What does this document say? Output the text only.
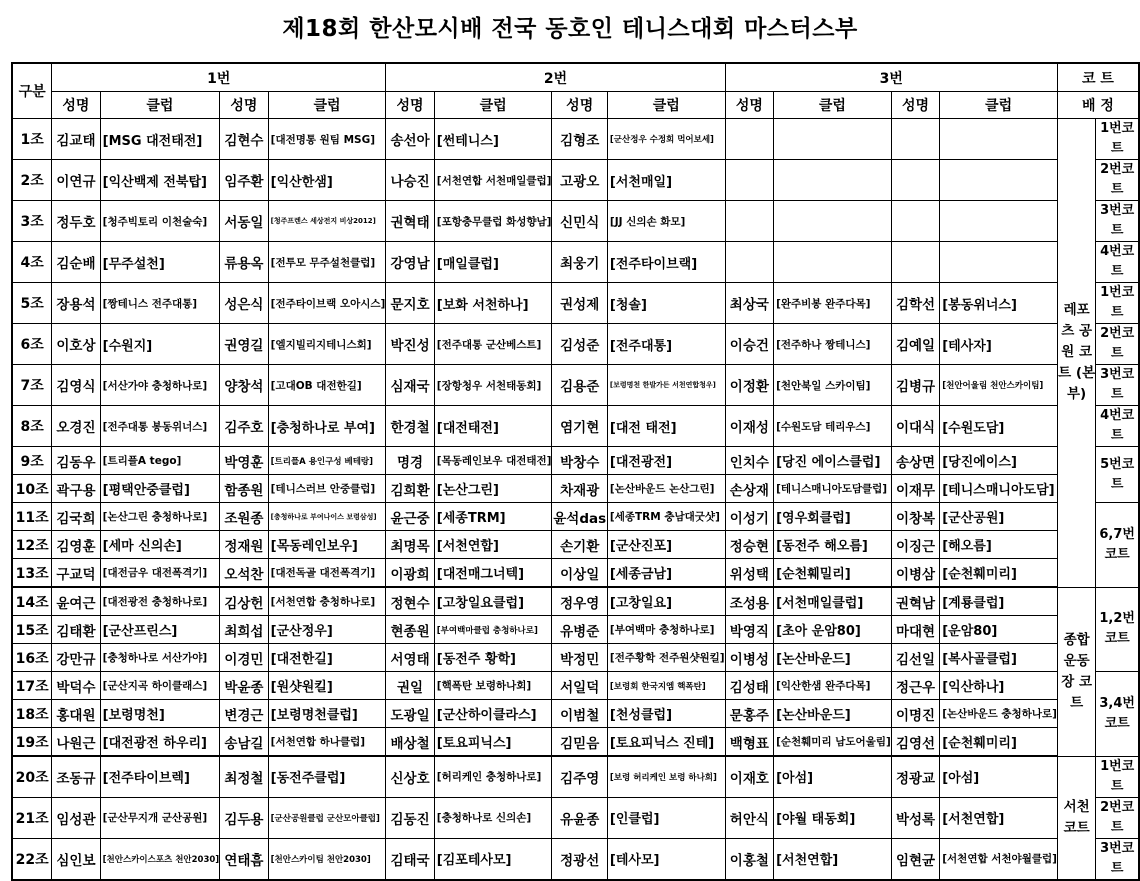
제18회 한산모시배 전국 동호인 테니스대회 마스터스부
구분	1번				2번				3번				코 트	
	성명	클럽	성명	클럽	성명	클럽	성명	클럽	성명	클럽	성명	클럽	배 정	
1조	김교태	[MSG 대전태전]	김현수	[대전명통 원팀 MSG]	송선아	[썬테니스]	김형조	[군산정우 수정회 먹어보세]					레포츠 공원 코트 (본부)	1번코트
2조	이연규	[익산백제 전북탑]	임주환	[익산한샘]	나승진	[서천연합 서천매일클럽]	고광오	[서천매일]						2번코트
3조	정두호	[청주빅토리 이천술숙]	서동일	[청주프렌스 세상전지 비상2012]	권혁태	[포항충무클럽 화성향남]	신민식	[JJ 신의손 화모]						3번코트
4조	김순배	[무주설천]	류용옥	[전투모 무주설천클럽]	강영남	[매일클럽]	최웅기	[전주타이브랙]						4번코트
5조	장용석	[짱테니스 전주대통]	성은식	[전주타이브랙 오아시스]	문지호	[보화 서천하나]	권성제	[청솔]	최상국	[완주비봉 완주다목]	김학선	[봉동위너스]		1번코트
6조	이호상	[수원지]	권영길	[엘지빌리지테니스회]	박진성	[전주대통 군산베스트]	김성준	[전주대통]	이승건	[전주하나 짱테니스]	김예일	[테사자]		2번코트
7조	김영식	[서산가야 충청하나로]	양창석	[고대OB 대전한길]	심재국	[장항청우 서천태동회]	김용준	[보령명천 한발가든 서천연합청우]	이정환	[천안북일 스카이팀]	김병규	[천안어울림 천안스카이팀]		3번코트
8조	오경진	[전주대통 봉동위너스]	김주호	[충청하나로 부여]	한경철	[대전태전]	염기현	[대전 태전]	이재성	[수원도담 테리우스]	이대식	[수원도담]		4번코트
9조	김동우	[트리플A tego]	박영훈	[트리플A 용인구성 베테랑]	명경	[목동레인보우 대전태전]	박창수	[대전광전]	인치수	[당진 에이스클럽]	송상면	[당진에이스]		5번코트
10조	곽구용	[평택안중클럽]	함종원	[테니스러브 안중클럽]	김희환	[논산그린]	차재광	[논산바운드 논산그린]	손상재	[테니스매니아도담클럽]	이재무	[테니스매니아도담]		
11조	김국희	[논산그린 충청하나로]	조원종	[충청하나로 부여나이스 보령삼성]	윤근중	[세종TRM]	윤석das	[세종TRM 충남대굿샷]	이성기	[영우회클럽]	이창복	[군산공원]		6,7번 코트
12조	김영훈	[세마 신의손]	정재원	[목동레인보우]	최명목	[서천연합]	손기환	[군산진포]	정승현	[동전주 해오름]	이징근	[해오름]		
13조	구교덕	[대전금우 대전폭격기]	오석찬	[대전독골 대전폭격기]	이광희	[대전매그너텍]	이상일	[세종금남]	위성택	[순천훼밀리]	이병삼	[순천훼미리]		
14조	윤여근	[대전광전 충청하나로]	김상헌	[서천연합 충청하나로]	정현수	[고창일요클럽]	정우영	[고창일요]	조성용	[서천매일클럽]	권혁남	[계룡클럽]	종합 운동장 코트	1,2번 코트
15조	김태환	[군산프린스]	최희섭	[군산정우]	현종원	[부여백마클럽 충청하나로]	유병준	[부여백마 충청하나로]	박영직	[초아 운암80]	마대현	[운암80]		
16조	강만규	[충청하나로 서산가야]	이경민	[대전한길]	서영태	[동전주 황학]	박정민	[전주황학 전주원샷원킬]	이병성	[논산바운드]	김선일	[복사골클럽]		
17조	박덕수	[군산지곡 하이클래스]	박윤종	[원샷원킬]	권일	[핵폭탄 보령하나회]	서일덕	[보령회 한국지엠 핵폭탄]	김성태	[익산한샘 완주다목]	정근우	[익산하나]		3,4번 코트
18조	홍대원	[보령명천]	변경근	[보령명천클럽]	도광일	[군산하이클라스]	이범철	[천성클럽]	문홍주	[논산바운드]	이명진	[논산바운드 충청하나로]		
19조	나원근	[대전광전 하우리]	송남길	[서천연합 하나클럽]	배상철	[토요피닉스]	김믿음	[토요피닉스 진테]	백형표	[순천훼미리 남도어울림]	김영선	[순천훼미리]		
20조	조동규	[전주타이브렉]	최정철	[동전주클럽]	신상호	[허리케인 충청하나로]	김주영	[보령 허리케인 보령 하나회]	이재호	[아섬]	정광교	[아섬]	서천 코트	1번코트
21조	임성관	[군산무지개 군산공원]	김두용	[군산공원클럽 군산모아클럽]	김동진	[충청하나로 신의손]	유윤종	[인클럽]	허안식	[야월 태동회]	박성록	[서천연합]		2번코트
22조	심인보	[천안스카이스포츠 천안2030]	연태흠	[천안스카이팀 천안2030]	김태국	[김포테사모]	정광선	[테사모]	이홍철	[서천연합]	임현균	[서천연합 서천야월클럽]		3번코트
